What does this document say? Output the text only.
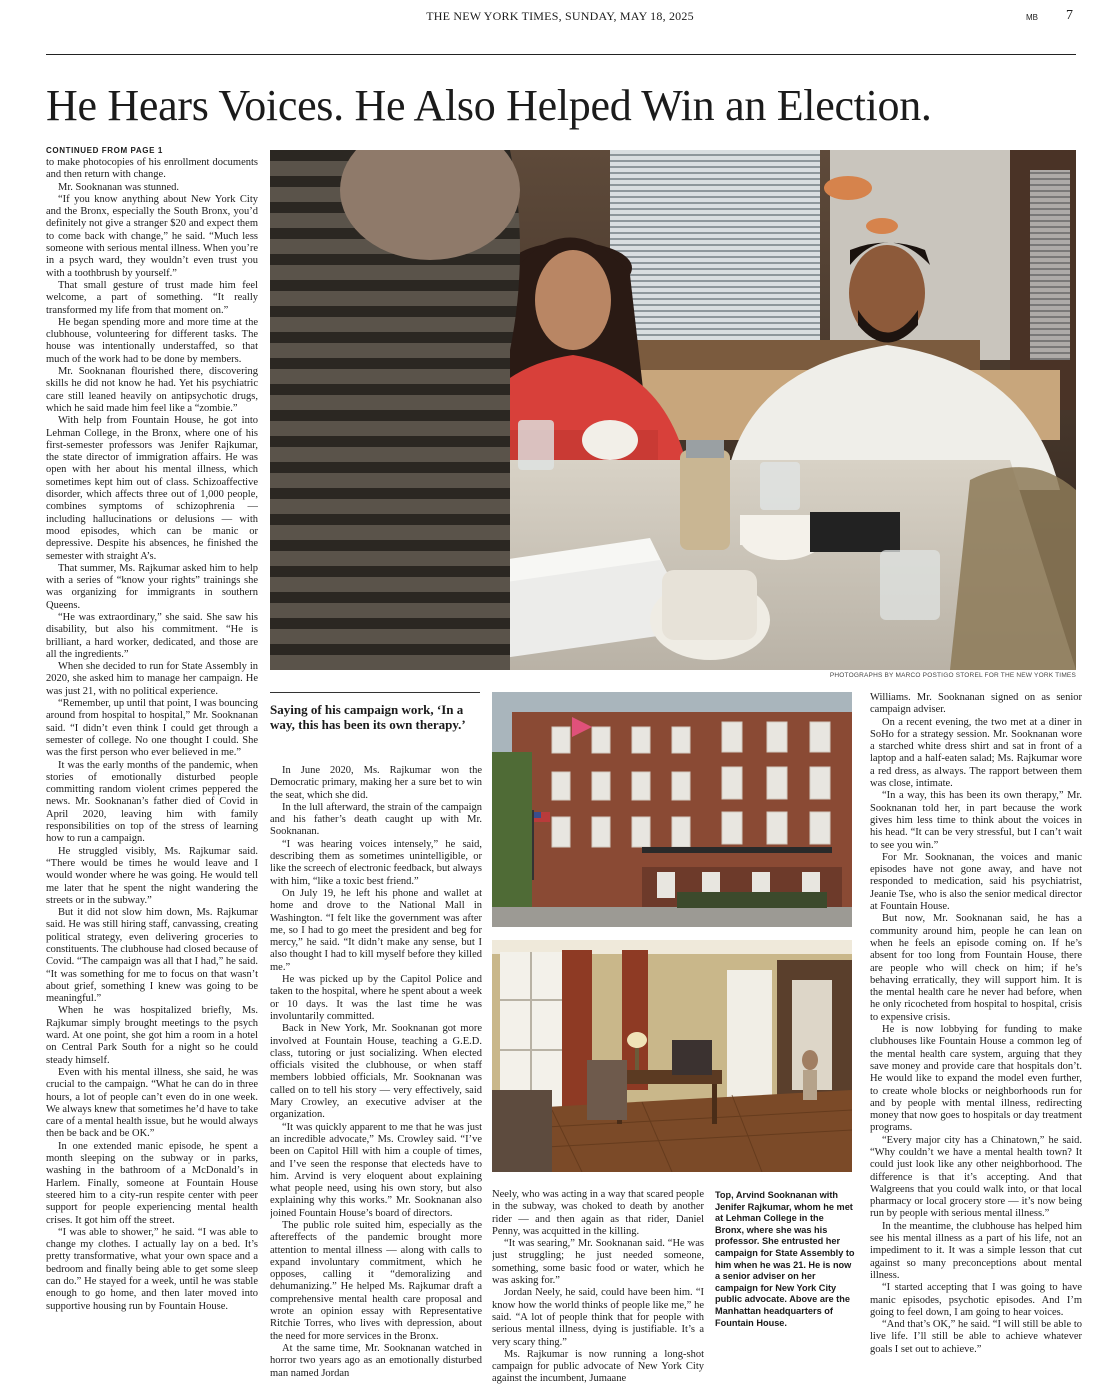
THE NEW YORK TIMES, SUNDAY, MAY 18, 2025	MB 7
He Hears Voices. He Also Helped Win an Election.
CONTINUED FROM PAGE 1

to make photocopies of his enrollment documents and then return with change.

Mr. Sooknanan was stunned.

“If you know anything about New York City and the Bronx, especially the South Bronx, you’d definitely not give a stranger $20 and expect them to come back with change,” he said. “Much less someone with serious mental illness. When you’re in a psych ward, they wouldn’t even trust you with a toothbrush by yourself.”

That small gesture of trust made him feel welcome, a part of something. “It really transformed my life from that moment on.”

He began spending more and more time at the clubhouse, volunteering for different tasks. The house was intentionally understaffed, so that much of the work had to be done by members.

Mr. Sooknanan flourished there, discovering skills he did not know he had. Yet his psychiatric care still leaned heavily on antipsychotic drugs, which he said made him feel like a “zombie.”

With help from Fountain House, he got into Lehman College, in the Bronx, where one of his first-semester professors was Jenifer Rajkumar, the state director of immigration affairs. He was open with her about his mental illness, which sometimes kept him out of class. Schizoaffective disorder, which affects three out of 1,000 people, combines symptoms of schizophrenia — including hallucinations or delusions — with mood episodes, which can be manic or depressive. Despite his absences, he finished the semester with straight A’s.

That summer, Ms. Rajkumar asked him to help with a series of “know your rights” trainings she was organizing for immigrants in southern Queens.

“He was extraordinary,” she said. She saw his disability, but also his commitment. “He is brilliant, a hard worker, dedicated, and those are all the ingredients.”

When she decided to run for State Assembly in 2020, she asked him to manage her campaign. He was just 21, with no political experience.

“Remember, up until that point, I was bouncing around from hospital to hospital,” Mr. Sooknanan said. “I didn’t even think I could get through a semester of college. No one thought I could. She was the first person who ever believed in me.”

It was the early months of the pandemic, when stories of emotionally disturbed people committing random violent crimes peppered the news. Mr. Sooknanan’s father died of Covid in April 2020, leaving him with family responsibilities on top of the stress of learning how to run a campaign.

He struggled visibly, Ms. Rajkumar said. “There would be times he would leave and I would wonder where he was going. He would tell me later that he spent the night wandering the streets or in the subway.”

But it did not slow him down, Ms. Rajkumar said. He was still hiring staff, canvassing, creating political strategy, even delivering groceries to constituents. The clubhouse had closed because of Covid. “The campaign was all that I had,” he said. “It was something for me to focus on that wasn’t about grief, something I knew was going to be meaningful.”

When he was hospitalized briefly, Ms. Rajkumar simply brought meetings to the psych ward. At one point, she got him a room in a hotel on Central Park South for a night so he could steady himself.

Even with his mental illness, she said, he was crucial to the campaign. “What he can do in three hours, a lot of people can’t even do in one week. We always knew that sometimes he’d have to take care of a mental health issue, but he would always then be back and be OK.”

In one extended manic episode, he spent a month sleeping on the subway or in parks, washing in the bathroom of a McDonald’s in Harlem. Finally, someone at Fountain House steered him to a city-run respite center with peer support for people experiencing mental health crises. It got him off the street.

“I was able to shower,” he said. “I was able to change my clothes. I actually lay on a bed. It’s pretty transformative, what your own space and a bedroom and finally being able to get some sleep can do.” He stayed for a week, until he was stable enough to go home, and then later moved into supportive housing run by Fountain House.

Saying of his campaign work, ‘In a way, this has been its own therapy.’

In June 2020, Ms. Rajkumar won the Democratic primary, making her a sure bet to win the seat, which she did.

In the lull afterward, the strain of the campaign and his father’s death caught up with Mr. Sooknanan.

“I was hearing voices intensely,” he said, describing them as sometimes unintelligible, or like the screech of electronic feedback, but always with him, “like a toxic best friend.”

On July 19, he left his phone and wallet at home and drove to the National Mall in Washington. “I felt like the government was after me, so I had to go meet the president and beg for mercy,” he said. “It didn’t make any sense, but I also thought I had to kill myself before they killed me.”

He was picked up by the Capitol Police and taken to the hospital, where he spent about a week or 10 days. It was the last time he was involuntarily committed.

Back in New York, Mr. Sooknanan got more involved at Fountain House, teaching a G.E.D. class, tutoring or just socializing. When elected officials visited the clubhouse, or when staff members lobbied officials, Mr. Sooknanan was called on to tell his story — very effectively, said Mary Crowley, an executive adviser at the organization.

“It was quickly apparent to me that he was just an incredible advocate,” Ms. Crowley said. “I’ve been on Capitol Hill with him a couple of times, and I’ve seen the response that electeds have to him. Arvind is very eloquent about explaining what people need, using his own story, but also explaining why this works.” Mr. Sooknanan also joined Fountain House’s board of directors.

The public role suited him, especially as the aftereffects of the pandemic brought more attention to mental illness — along with calls to expand involuntary commitment, which he opposes, calling it “demoralizing and dehumanizing.” He helped Ms. Rajkumar draft a comprehensive mental health care proposal and wrote an opinion essay with Representative Ritchie Torres, who lives with depression, about the need for more services in the Bronx.

At the same time, Mr. Sooknanan watched in horror two years ago as an emotionally disturbed man named Jordan

Neely, who was acting in a way that scared people in the subway, was choked to death by another rider — and then again as that rider, Daniel Penny, was acquitted in the killing.

“It was searing,” Mr. Sooknanan said. “He was just struggling; he just needed someone, something, some basic food or water, which he was asking for.”

Jordan Neely, he said, could have been him. “I know how the world thinks of people like me,” he said. “A lot of people think that for people with serious mental illness, dying is justifiable. It’s a very scary thing.”

Ms. Rajkumar is now running a long-shot campaign for public advocate of New York City against the incumbent, Jumaane

Williams. Mr. Sooknanan signed on as senior campaign adviser.

On a recent evening, the two met at a diner in SoHo for a strategy session. Mr. Sooknanan wore a starched white dress shirt and sat in front of a laptop and a half-eaten salad; Ms. Rajkumar wore a red dress, as always. The rapport between them was close, intimate.

“In a way, this has been its own therapy,” Mr. Sooknanan told her, in part because the work gives him less time to think about the voices in his head. “It can be very stressful, but I can’t wait to see you win.”

For Mr. Sooknanan, the voices and manic episodes have not gone away, and have not responded to medication, said his psychiatrist, Jeanie Tse, who is also the senior medical director at Fountain House.

But now, Mr. Sooknanan said, he has a community around him, people he can lean on when he feels an episode coming on. If he’s absent for too long from Fountain House, there are people who will check on him; if he’s behaving erratically, they will support him. It is the mental health care he never had before, when he only ricocheted from hospital to hospital, crisis to expensive crisis.

He is now lobbying for funding to make clubhouses like Fountain House a common leg of the mental health care system, arguing that they save money and provide care that hospitals don’t. He would like to expand the model even further, to create whole blocks or neighborhoods run for and by people with mental illness, redirecting money that now goes to hospitals or day treatment programs.

“Every major city has a Chinatown,” he said. “Why couldn’t we have a mental health town? It could just look like any other neighborhood. The difference is that it’s accepting. And that Walgreens that you could walk into, or that local pharmacy or local grocery store — it’s now being run by people with serious mental illness.”

In the meantime, the clubhouse has helped him see his mental illness as a part of his life, not an impediment to it. It was a simple lesson that cut against so many preconceptions about mental illness.

“I started accepting that I was going to have manic episodes, psychotic episodes. And I’m going to feel down, I am going to hear voices.

“And that’s OK,” he said. “I will still be able to live life. I’ll still be able to achieve whatever goals I set out to achieve.”

PHOTOGRAPHS BY MARCO POSTIGO STOREL FOR THE NEW YORK TIMES
Top, Arvind Sooknanan with Jenifer Rajkumar, whom he met at Lehman College in the Bronx, where she was his professor. She entrusted her campaign for State Assembly to him when he was 21. He is now a senior adviser on her campaign for New York City public advocate. Above are the Manhattan headquarters of Fountain House.
